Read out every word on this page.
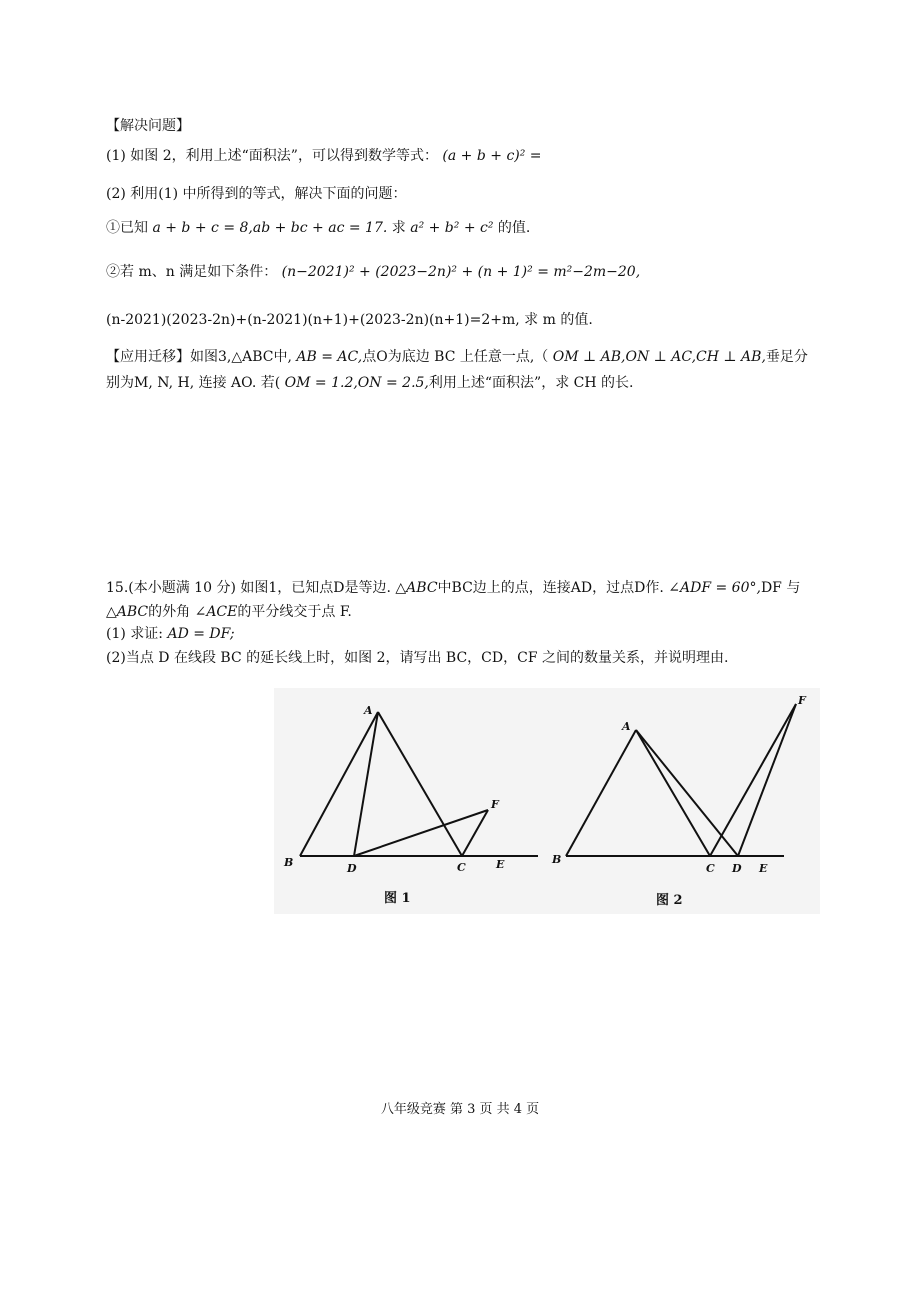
【解决问题】
(1) 如图 2，利用上述“面积法”，可以得到数学等式： (a + b + c)² =
(2) 利用(1) 中所得到的等式，解决下面的问题：
①已知 a + b + c = 8,ab + bc + ac = 17. 求 a² + b² + c² 的值.
②若 m、n 满足如下条件： (n−2021)² + (2023−2n)² + (n + 1)² = m²−2m−20,
(n-2021)(2023-2n)+(n-2021)(n+1)+(2023-2n)(n+1)=2+m, 求 m 的值.
【应用迁移】如图3,△ABC中, AB = AC,点O为底边 BC 上任意一点,（ OM ⊥ AB,ON ⊥ AC,CH ⊥ AB,垂足分别为M, N, H, 连接 AO. 若( OM = 1.2,ON = 2.5,利用上述“面积法”，求 CH 的长.
15.(本小题满 10 分) 如图1，已知点D是等边. △ABC中BC边上的点，连接AD，过点D作. ∠ADF = 60°,DF 与 △ABC的外角 ∠ACE的平分线交于点 F.
(1) 求证: AD = DF;
(2)当点 D 在线段 BC 的延长线上时，如图 2，请写出 BC，CD，CF 之间的数量关系，并说明理由.
A
B	D	C	E
F
图 1
A
B
C D E
F
图 2
八年级竞赛 第 3 页 共 4 页
